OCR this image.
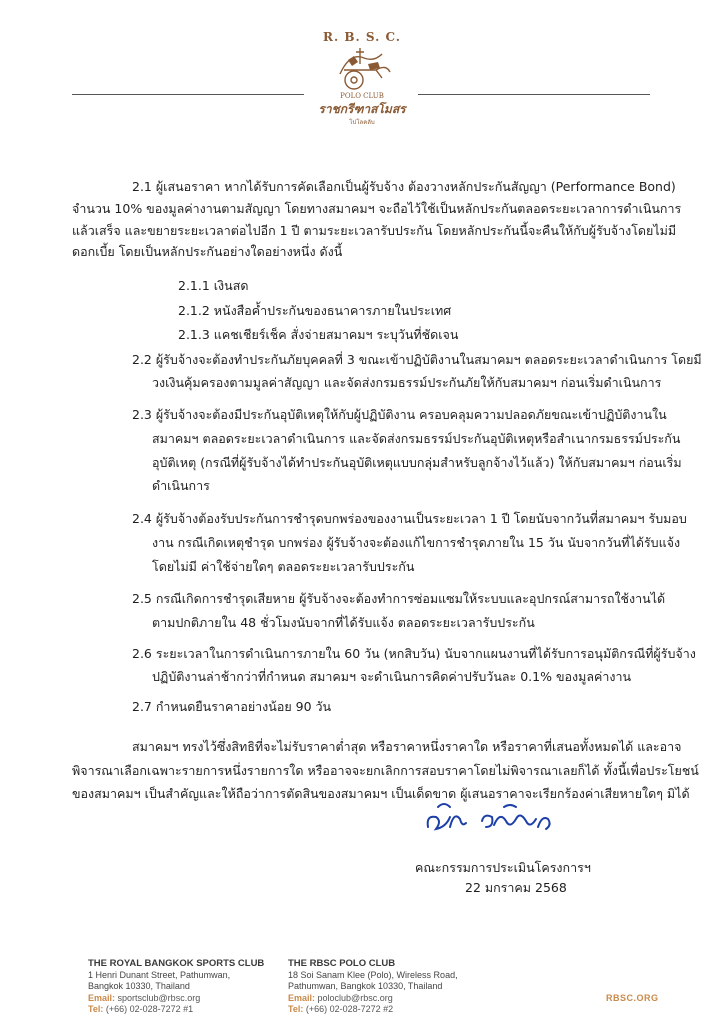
R. B. S. C.
POLO CLUB
ราชกรีฑาสโมสร
โปโลคลับ
2.1 ผู้เสนอราคา หากได้รับการคัดเลือกเป็นผู้รับจ้าง ต้องวางหลักประกันสัญญา (Performance Bond)
จำนวน 10% ของมูลค่างานตามสัญญา โดยทางสมาคมฯ จะถือไว้ใช้เป็นหลักประกันตลอดระยะเวลาการดำเนินการ
แล้วเสร็จ และขยายระยะเวลาต่อไปอีก 1 ปี ตามระยะเวลารับประกัน โดยหลักประกันนี้จะคืนให้กับผู้รับจ้างโดยไม่มี
ดอกเบี้ย โดยเป็นหลักประกันอย่างใดอย่างหนึ่ง ดังนี้
2.1.1 เงินสด
2.1.2 หนังสือค้ำประกันของธนาคารภายในประเทศ
2.1.3 แคชเชียร์เช็ค สั่งจ่ายสมาคมฯ ระบุวันที่ชัดเจน
2.2 ผู้รับจ้างจะต้องทำประกันภัยบุคคลที่ 3 ขณะเข้าปฏิบัติงานในสมาคมฯ ตลอดระยะเวลาดำเนินการ โดยมี
วงเงินคุ้มครองตามมูลค่าสัญญา และจัดส่งกรมธรรม์ประกันภัยให้กับสมาคมฯ ก่อนเริ่มดำเนินการ
2.3 ผู้รับจ้างจะต้องมีประกันอุบัติเหตุให้กับผู้ปฏิบัติงาน ครอบคลุมความปลอดภัยขณะเข้าปฏิบัติงานใน
สมาคมฯ ตลอดระยะเวลาดำเนินการ และจัดส่งกรมธรรม์ประกันอุบัติเหตุหรือสำเนากรมธรรม์ประกัน
อุบัติเหตุ (กรณีที่ผู้รับจ้างได้ทำประกันอุบัติเหตุแบบกลุ่มสำหรับลูกจ้างไว้แล้ว) ให้กับสมาคมฯ ก่อนเริ่ม
ดำเนินการ
2.4 ผู้รับจ้างต้องรับประกันการชำรุดบกพร่องของงานเป็นระยะเวลา 1 ปี โดยนับจากวันที่สมาคมฯ รับมอบ
งาน กรณีเกิดเหตุชำรุด บกพร่อง ผู้รับจ้างจะต้องแก้ไขการชำรุดภายใน 15 วัน นับจากวันที่ได้รับแจ้ง
โดยไม่มี ค่าใช้จ่ายใดๆ ตลอดระยะเวลารับประกัน
2.5 กรณีเกิดการชำรุดเสียหาย ผู้รับจ้างจะต้องทำการซ่อมแซมให้ระบบและอุปกรณ์สามารถใช้งานได้
ตามปกติภายใน 48 ชั่วโมงนับจากที่ได้รับแจ้ง ตลอดระยะเวลารับประกัน
2.6 ระยะเวลาในการดำเนินการภายใน 60 วัน (หกสิบวัน) นับจากแผนงานที่ได้รับการอนุมัติกรณีที่ผู้รับจ้าง
ปฏิบัติงานล่าช้ากว่าที่กำหนด สมาคมฯ จะดำเนินการคิดค่าปรับวันละ 0.1% ของมูลค่างาน
2.7 กำหนดยืนราคาอย่างน้อย 90 วัน
สมาคมฯ ทรงไว้ซึ่งสิทธิที่จะไม่รับราคาต่ำสุด หรือราคาหนึ่งราคาใด หรือราคาที่เสนอทั้งหมดได้ และอาจ
พิจารณาเลือกเฉพาะรายการหนึ่งรายการใด หรืออาจจะยกเลิกการสอบราคาโดยไม่พิจารณาเลยก็ได้ ทั้งนี้เพื่อประโยชน์
ของสมาคมฯ เป็นสำคัญและให้ถือว่าการตัดสินของสมาคมฯ เป็นเด็ดขาด ผู้เสนอราคาจะเรียกร้องค่าเสียหายใดๆ มิได้
คณะกรรมการประเมินโครงการฯ
22 มกราคม 2568
THE ROYAL BANGKOK SPORTS CLUB
1 Henri Dunant Street, Pathumwan,
Bangkok 10330, Thailand
Email: sportsclub@rbsc.org
Tel: (+66) 02-028-7272 #1
THE RBSC POLO CLUB
18 Soi Sanam Klee (Polo), Wireless Road,
Pathumwan, Bangkok 10330, Thailand
Email: poloclub@rbsc.org
Tel: (+66) 02-028-7272 #2
RBSC.ORG
